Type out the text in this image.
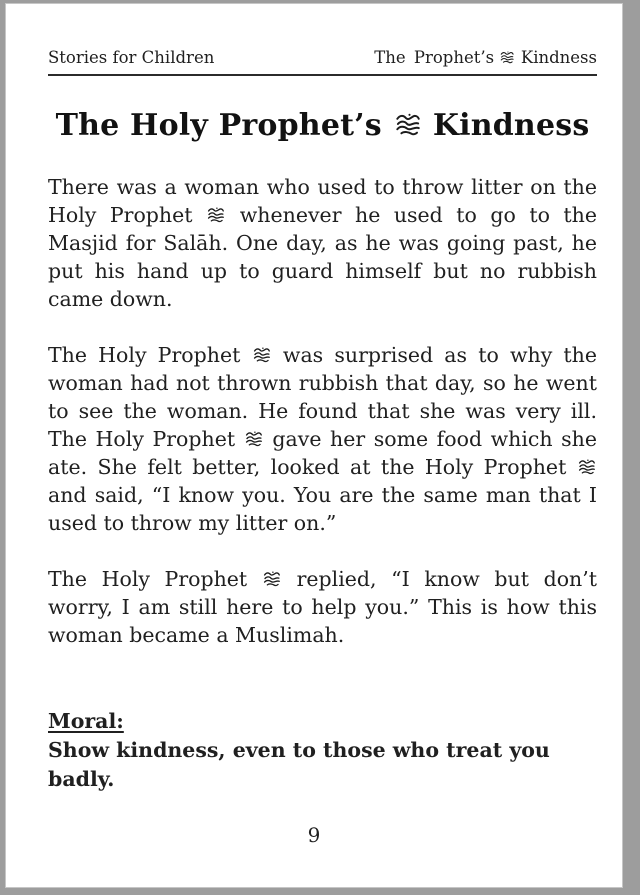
Stories for Children	The Prophet’s
Kindness
The Holy Prophet’s
Kindness

There was a woman who used to throw litter on the Holy Prophet
whenever he used to go to the Masjid for Salāh. One day, as he was going past, he put his hand up to guard himself but no rubbish came down.

The Holy Prophet
was surprised as to why the woman had not thrown rubbish that day, so he went to see the woman. He found that she was very ill. The Holy Prophet
gave her some food which she ate. She felt better, looked at the Holy Prophet
and said, “I know you. You are the same man that I used to throw my litter on.”

The Holy Prophet
replied, “I know but don’t worry, I am still here to help you.” This is how this woman became a Muslimah.

Moral:
Show kindness, even to those who treat you badly.
9
